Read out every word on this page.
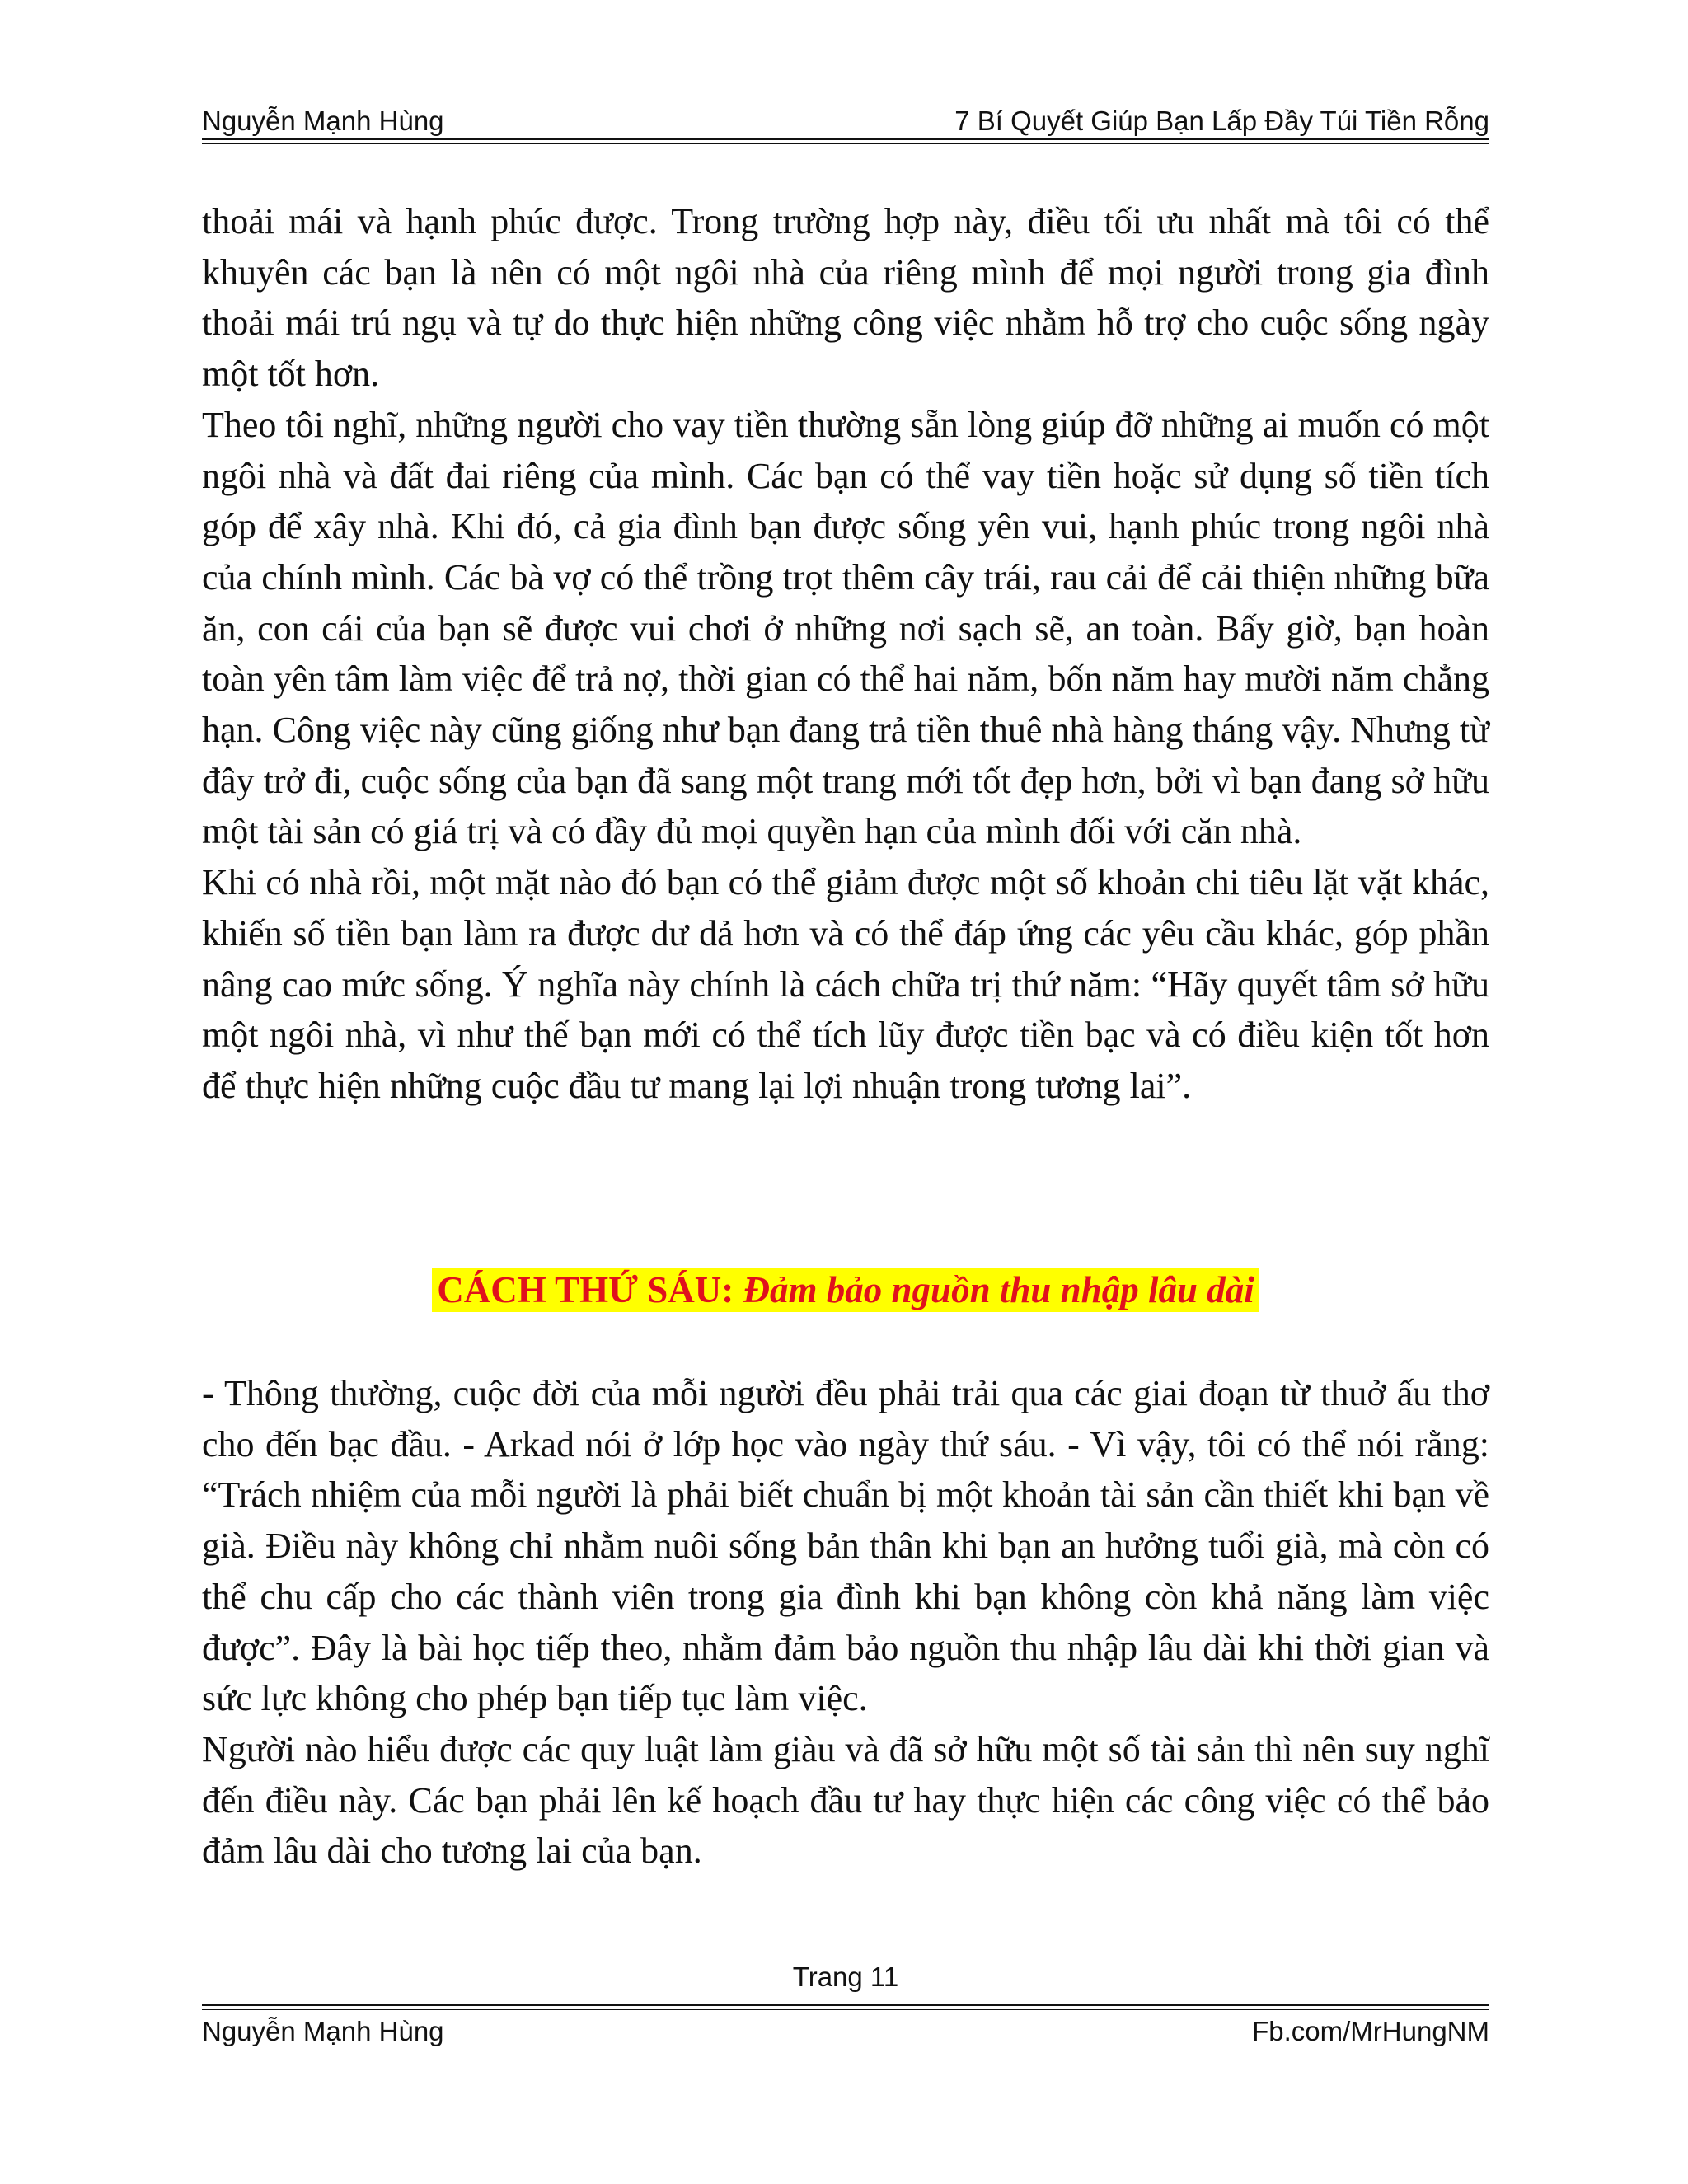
Nguyễn Mạnh Hùng	7 Bí Quyết Giúp Bạn Lấp Đầy Túi Tiền Rỗng

thoải mái và hạnh phúc được. Trong trường hợp này, điều tối ưu nhất mà tôi có thể khuyên các bạn là nên có một ngôi nhà của riêng mình để mọi người trong gia đình thoải mái trú ngụ và tự do thực hiện những công việc nhằm hỗ trợ cho cuộc sống ngày một tốt hơn.

Theo tôi nghĩ, những người cho vay tiền thường sẵn lòng giúp đỡ những ai muốn có một ngôi nhà và đất đai riêng của mình. Các bạn có thể vay tiền hoặc sử dụng số tiền tích góp để xây nhà. Khi đó, cả gia đình bạn được sống yên vui, hạnh phúc trong ngôi nhà của chính mình. Các bà vợ có thể trồng trọt thêm cây trái, rau cải để cải thiện những bữa ăn, con cái của bạn sẽ được vui chơi ở những nơi sạch sẽ, an toàn. Bấy giờ, bạn hoàn toàn yên tâm làm việc để trả nợ, thời gian có thể hai năm, bốn năm hay mười năm chẳng hạn. Công việc này cũng giống như bạn đang trả tiền thuê nhà hàng tháng vậy. Nhưng từ đây trở đi, cuộc sống của bạn đã sang một trang mới tốt đẹp hơn, bởi vì bạn đang sở hữu một tài sản có giá trị và có đầy đủ mọi quyền hạn của mình đối với căn nhà.

Khi có nhà rồi, một mặt nào đó bạn có thể giảm được một số khoản chi tiêu lặt vặt khác, khiến số tiền bạn làm ra được dư dả hơn và có thể đáp ứng các yêu cầu khác, góp phần nâng cao mức sống. Ý nghĩa này chính là cách chữa trị thứ năm: “Hãy quyết tâm sở hữu một ngôi nhà, vì như thế bạn mới có thể tích lũy được tiền bạc và có điều kiện tốt hơn để thực hiện những cuộc đầu tư mang lại lợi nhuận trong tương lai”.

CÁCH THỨ SÁU: Đảm bảo nguồn thu nhập lâu dài

- Thông thường, cuộc đời của mỗi người đều phải trải qua các giai đoạn từ thuở ấu thơ cho đến bạc đầu. - Arkad nói ở lớp học vào ngày thứ sáu. - Vì vậy, tôi có thể nói rằng: “Trách nhiệm của mỗi người là phải biết chuẩn bị một khoản tài sản cần thiết khi bạn về già. Điều này không chỉ nhằm nuôi sống bản thân khi bạn an hưởng tuổi già, mà còn có thể chu cấp cho các thành viên trong gia đình khi bạn không còn khả năng làm việc được”. Đây là bài học tiếp theo, nhằm đảm bảo nguồn thu nhập lâu dài khi thời gian và sức lực không cho phép bạn tiếp tục làm việc.

Người nào hiểu được các quy luật làm giàu và đã sở hữu một số tài sản thì nên suy nghĩ đến điều này. Các bạn phải lên kế hoạch đầu tư hay thực hiện các công việc có thể bảo đảm lâu dài cho tương lai của bạn.

Trang 11
Nguyễn Mạnh Hùng	Fb.com/MrHungNM
